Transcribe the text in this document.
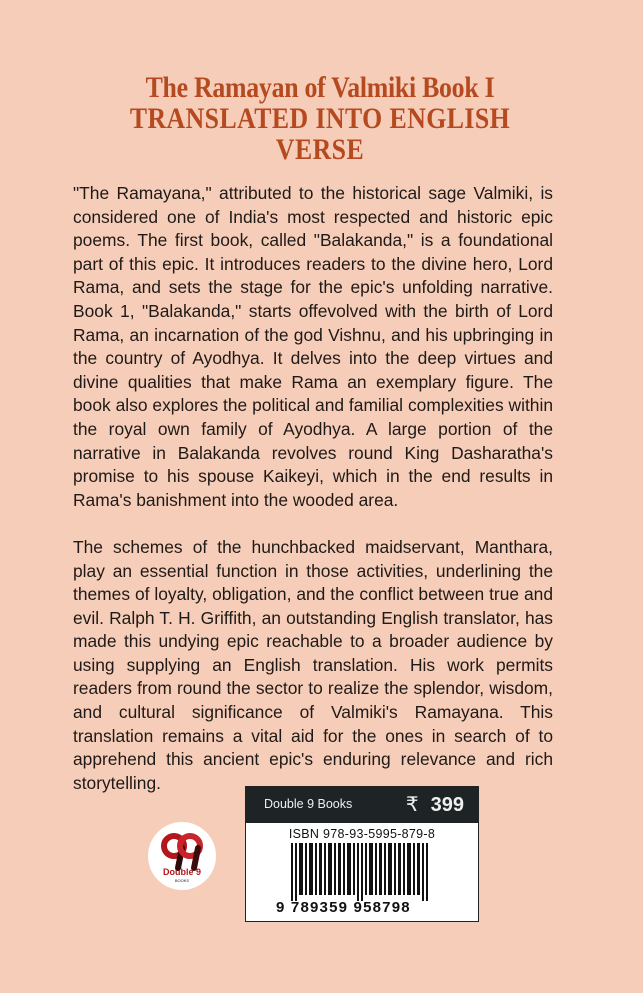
The Ramayan of Valmiki Book I
TRANSLATED INTO ENGLISH
VERSE

"The Ramayana," attributed to the historical sage Valmiki, is considered one of India's most respected and historic epic poems. The first book, called "Balakanda," is a foundational part of this epic. It introduces readers to the divine hero, Lord Rama, and sets the stage for the epic's unfolding narrative. Book 1, "Balakanda," starts offevolved with the birth of Lord Rama, an incarnation of the god Vishnu, and his upbringing in the country of Ayodhya. It delves into the deep virtues and divine qualities that make Rama an exemplary figure. The book also explores the political and familial complexities within the royal own family of Ayodhya. A large portion of the narrative in Balakanda revolves round King Dasharatha's promise to his spouse Kaikeyi, which in the end results in Rama's banishment into the wooded area.

The schemes of the hunchbacked maidservant, Manthara, play an essential function in those activities, underlining the themes of loyalty, obligation, and the conflict between true and evil. Ralph T. H. Griffith, an outstanding English translator, has made this undying epic reachable to a broader audience by using supplying an English translation. His work permits readers from round the sector to realize the splendor, wisdom, and cultural significance of Valmiki's Ramayana. This translation remains a vital aid for the ones in search of to apprehend this ancient epic's enduring relevance and rich storytelling.

Double 9
BOOKS
Double 9 Books	₹ 399
ISBN 978-93-5995-879-8
9 789359 958798
